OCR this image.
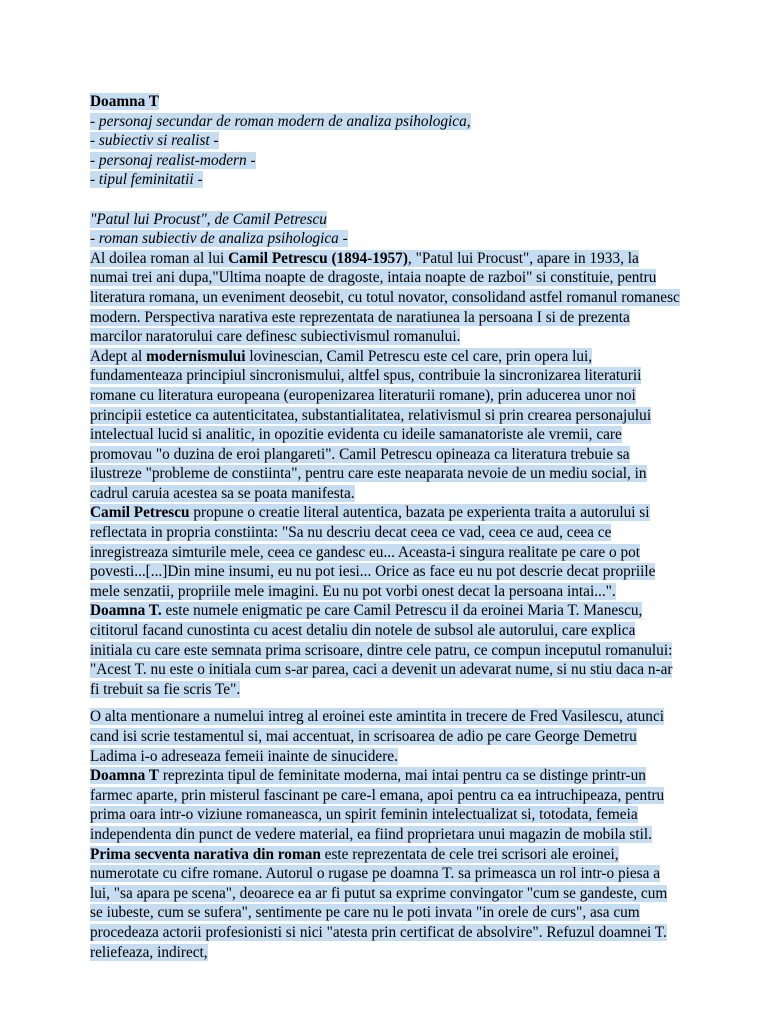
Doamna T

- personaj secundar de roman modern de analiza psihologica,

- subiectiv si realist -

- personaj realist-modern -

- tipul feminitatii -

"Patul lui Procust", de Camil Petrescu

- roman subiectiv de analiza psihologica -

Al doilea roman al lui Camil Petrescu (1894-1957), "Patul lui Procust", apare in 1933, la numai trei ani dupa,"Ultima noapte de dragoste, intaia noapte de razboi" si constituie, pentru literatura romana, un eveniment deosebit, cu totul novator, consolidand astfel romanul romanesc modern. Perspectiva narativa este reprezentata de naratiunea la persoana I si de prezenta marcilor naratorului care definesc subiectivismul romanului.

Adept al modernismului lovinescian, Camil Petrescu este cel care, prin opera lui, fundamenteaza principiul sincronismului, altfel spus, contribuie la sincronizarea literaturii romane cu literatura europeana (europenizarea literaturii romane), prin aducerea unor noi principii estetice ca autenticitatea, substantialitatea, relativismul si prin crearea personajului intelectual lucid si analitic, in opozitie evidenta cu ideile samanatoriste ale vremii, care promovau "o duzina de eroi plangareti". Camil Petrescu opineaza ca literatura trebuie sa ilustreze "probleme de constiinta", pentru care este neaparata nevoie de un mediu social, in cadrul caruia acestea sa se poata manifesta.

Camil Petrescu propune o creatie literal autentica, bazata pe experienta traita a autorului si reflectata in propria constiinta: "Sa nu descriu decat ceea ce vad, ceea ce aud, ceea ce inregistreaza simturile mele, ceea ce gandesc eu... Aceasta-i singura realitate pe care o pot povesti...[...]Din mine insumi, eu nu pot iesi... Orice as face eu nu pot descrie decat propriile mele senzatii, propriile mele imagini. Eu nu pot vorbi onest decat la persoana intai...".

Doamna T. este numele enigmatic pe care Camil Petrescu il da eroinei Maria T. Manescu, cititorul facand cunostinta cu acest detaliu din notele de subsol ale autorului, care explica initiala cu care este semnata prima scrisoare, dintre cele patru, ce compun inceputul romanului: "Acest T. nu este o initiala cum s-ar parea, caci a devenit un adevarat nume, si nu stiu daca n-ar fi trebuit sa fie scris Te".

O alta mentionare a numelui intreg al eroinei este amintita in trecere de Fred Vasilescu, atunci cand isi scrie testamentul si, mai accentuat, in scrisoarea de adio pe care George Demetru Ladima i-o adreseaza femeii inainte de sinucidere.

Doamna T reprezinta tipul de feminitate moderna, mai intai pentru ca se distinge printr-un farmec aparte, prin misterul fascinant pe care-l emana, apoi pentru ca ea intruchipeaza, pentru prima oara intr-o viziune romaneasca, un spirit feminin intelectualizat si, totodata, femeia independenta din punct de vedere material, ea fiind proprietara unui magazin de mobila stil.

Prima secventa narativa din roman este reprezentata de cele trei scrisori ale eroinei, numerotate cu cifre romane. Autorul o rugase pe doamna T. sa primeasca un rol intr-o piesa a lui, "sa apara pe scena", deoarece ea ar fi putut sa exprime convingator "cum se gandeste, cum se iubeste, cum se sufera", sentimente pe care nu le poti invata "in orele de curs", asa cum procedeaza actorii profesionisti si nici "atesta prin certificat de absolvire". Refuzul doamnei T. reliefeaza, indirect,
